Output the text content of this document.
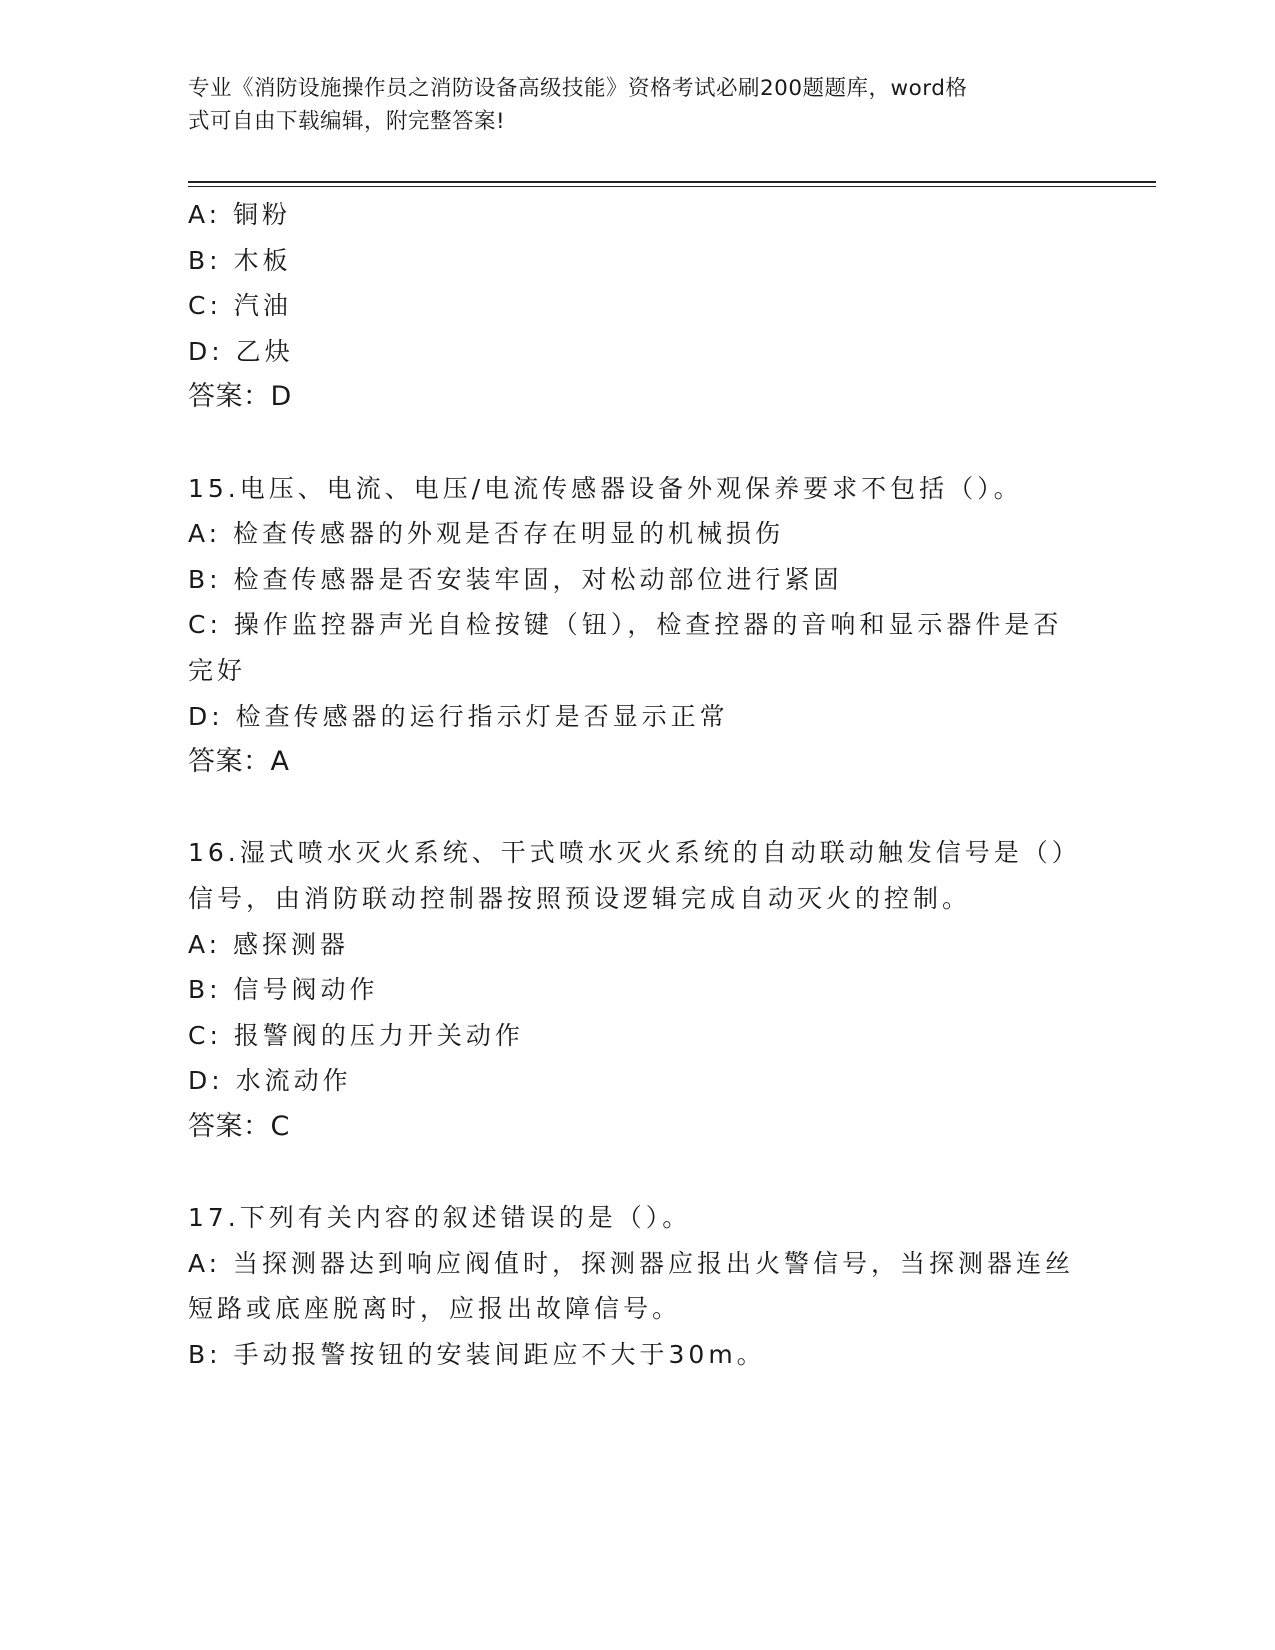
专业《消防设施操作员之消防设备高级技能》资格考试必刷200题题库，word格
式可自由下载编辑，附完整答案!
A: 铜粉
B: 木板
C: 汽油
D: 乙炔
答案：D
15.电压、电流、电压/电流传感器设备外观保养要求不包括（）。
A: 检查传感器的外观是否存在明显的机械损伤
B: 检查传感器是否安装牢固，对松动部位进行紧固
C: 操作监控器声光自检按键（钮），检查控器的音响和显示器件是否
完好
D: 检查传感器的运行指示灯是否显示正常
答案：A
16.湿式喷水灭火系统、干式喷水灭火系统的自动联动触发信号是（）
信号，由消防联动控制器按照预设逻辑完成自动灭火的控制。
A: 感探测器
B: 信号阀动作
C: 报警阀的压力开关动作
D: 水流动作
答案：C
17.下列有关内容的叙述错误的是（）。
A: 当探测器达到响应阀值时，探测器应报出火警信号，当探测器连丝
短路或底座脱离时，应报出故障信号。
B: 手动报警按钮的安装间距应不大于30m。
